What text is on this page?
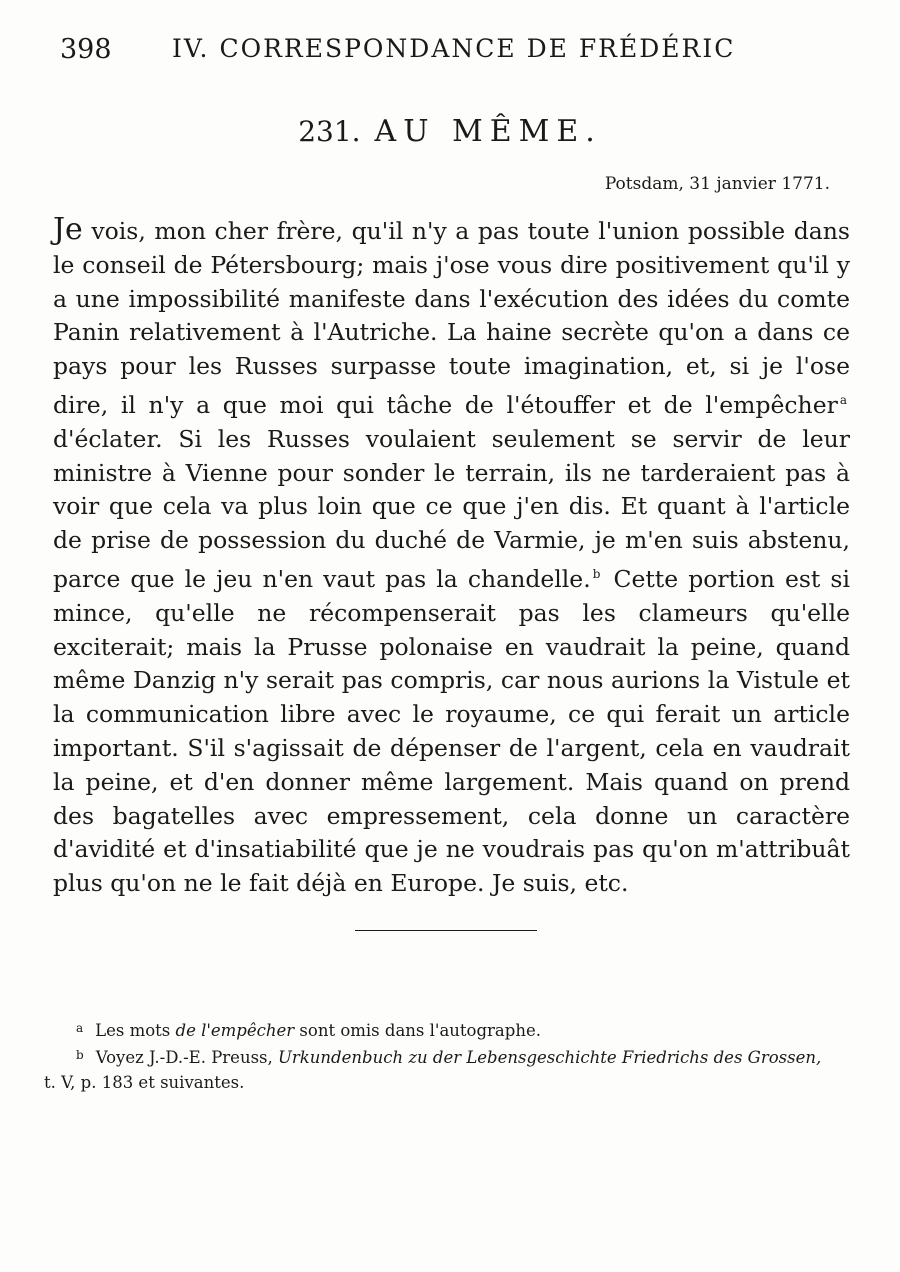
398 IV. CORRESPONDANCE DE FRÉDÉRIC
231. AU MÊME.
Potsdam, 31 janvier 1771.

Je vois, mon cher frère, qu'il n'y a pas toute l'union possible dans le conseil de Pétersbourg; mais j'ose vous dire positivement qu'il y a une impossibilité manifeste dans l'exécution des idées du comte Panin relativement à l'Autriche. La haine secrète qu'on a dans ce pays pour les Russes surpasse toute imagination, et, si je l'ose dire, il n'y a que moi qui tâche de l'étouffer et de l'empêcher $^a$ d'éclater. Si les Russes voulaient seulement se servir de leur ministre à Vienne pour sonder le terrain, ils ne tarderaient pas à voir que cela va plus loin que ce que j'en dis. Et quant à l'article de prise de possession du duché de Varmie, je m'en suis abstenu, parce que le jeu n'en vaut pas la chandelle. $^b$ Cette portion est si mince, qu'elle ne récompenserait pas les clameurs qu'elle exciterait; mais la Prusse polonaise en vaudrait la peine, quand même Danzig n'y serait pas compris, car nous aurions la Vistule et la communication libre avec le royaume, ce qui ferait un article important. S'il s'agissait de dépenser de l'argent, cela en vaudrait la peine, et d'en donner même largement. Mais quand on prend des bagatelles avec empressement, cela donne un caractère d'avidité et d'insatiabilité que je ne voudrais pas qu'on m'attribuât plus qu'on ne le fait déjà en Europe. Je suis, etc.

$^a$ Les mots de l'empêcher sont omis dans l'autographe.

$^b$ Voyez J.-D.-E. Preuss, Urkundenbuch zu der Lebensgeschichte Friedrichs des Grossen,
t. V, p. 183 et suivantes.
